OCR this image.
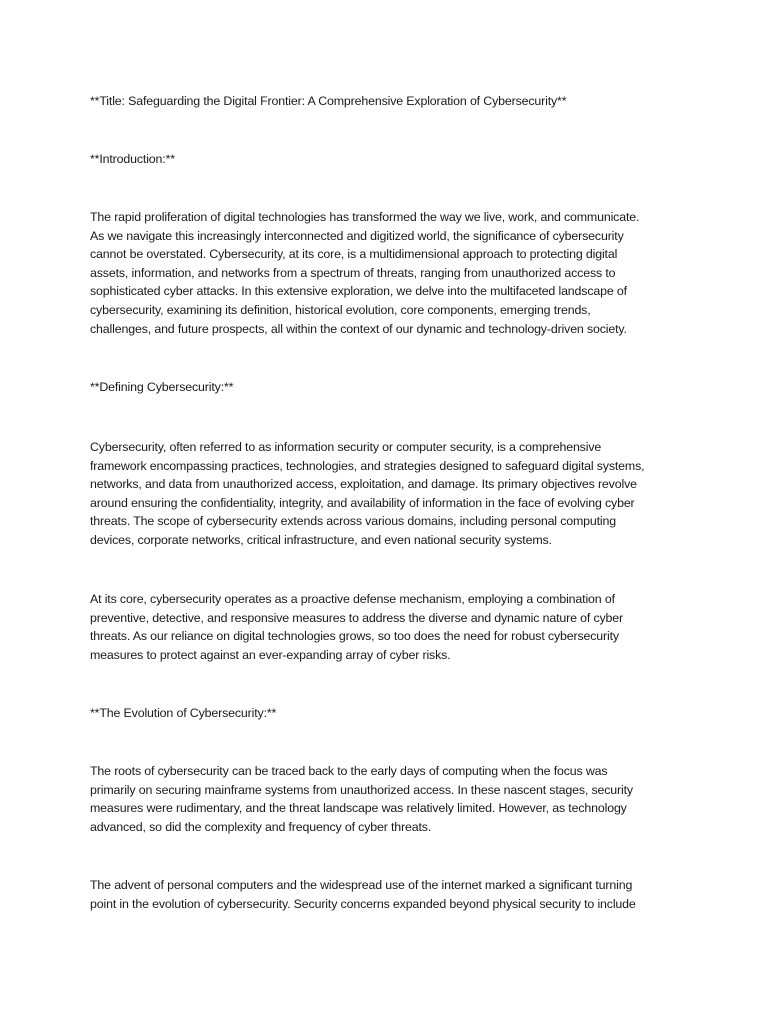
**Title: Safeguarding the Digital Frontier: A Comprehensive Exploration of Cybersecurity**
**Introduction:**
The rapid proliferation of digital technologies has transformed the way we live, work, and communicate.
As we navigate this increasingly interconnected and digitized world, the significance of cybersecurity
cannot be overstated. Cybersecurity, at its core, is a multidimensional approach to protecting digital
assets, information, and networks from a spectrum of threats, ranging from unauthorized access to
sophisticated cyber attacks. In this extensive exploration, we delve into the multifaceted landscape of
cybersecurity, examining its definition, historical evolution, core components, emerging trends,
challenges, and future prospects, all within the context of our dynamic and technology-driven society.
**Defining Cybersecurity:**
Cybersecurity, often referred to as information security or computer security, is a comprehensive
framework encompassing practices, technologies, and strategies designed to safeguard digital systems,
networks, and data from unauthorized access, exploitation, and damage. Its primary objectives revolve
around ensuring the confidentiality, integrity, and availability of information in the face of evolving cyber
threats. The scope of cybersecurity extends across various domains, including personal computing
devices, corporate networks, critical infrastructure, and even national security systems.
At its core, cybersecurity operates as a proactive defense mechanism, employing a combination of
preventive, detective, and responsive measures to address the diverse and dynamic nature of cyber
threats. As our reliance on digital technologies grows, so too does the need for robust cybersecurity
measures to protect against an ever-expanding array of cyber risks.
**The Evolution of Cybersecurity:**
The roots of cybersecurity can be traced back to the early days of computing when the focus was
primarily on securing mainframe systems from unauthorized access. In these nascent stages, security
measures were rudimentary, and the threat landscape was relatively limited. However, as technology
advanced, so did the complexity and frequency of cyber threats.
The advent of personal computers and the widespread use of the internet marked a significant turning
point in the evolution of cybersecurity. Security concerns expanded beyond physical security to include
